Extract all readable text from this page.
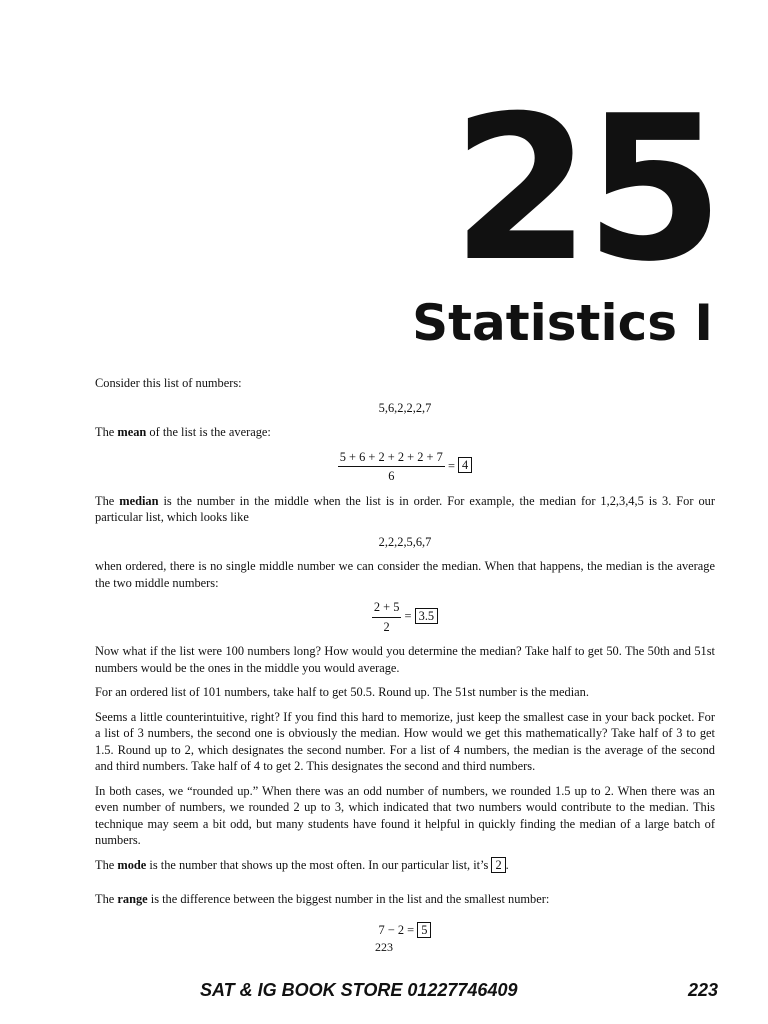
25
Statistics I

Consider this list of numbers:

5,6,2,2,2,7

The mean of the list is the average:

$\frac{5 + 6 + 2 + 2 + 2 + 7}{6} = 4$

The median is the number in the middle when the list is in order. For example, the median for 1,2,3,4,5 is 3. For our particular list, which looks like

2,2,2,5,6,7

when ordered, there is no single middle number we can consider the median. When that happens, the median is the average the two middle numbers:

$\frac{2 + 5}{2} = 3.5$

Now what if the list were 100 numbers long? How would you determine the median? Take half to get 50. The 50th and 51st numbers would be the ones in the middle you would average.

For an ordered list of 101 numbers, take half to get 50.5. Round up. The 51st number is the median.

Seems a little counterintuitive, right? If you find this hard to memorize, just keep the smallest case in your back pocket. For a list of 3 numbers, the second one is obviously the median. How would we get this mathematically? Take half of 3 to get 1.5. Round up to 2, which designates the second number. For a list of 4 numbers, the median is the average of the second and third numbers. Take half of 4 to get 2. This designates the second and third numbers.

In both cases, we “rounded up.” When there was an odd number of numbers, we rounded 1.5 up to 2. When there was an even number of numbers, we rounded 2 up to 3, which indicated that two numbers would contribute to the median. This technique may seem a bit odd, but many students have found it helpful in quickly finding the median of a large batch of numbers.

The mode is the number that shows up the most often. In our particular list, it’s 2 .

The range is the difference between the biggest number in the list and the smallest number:

7 − 2 = 5
223
SAT & IG BOOK STORE 01227746409	223
